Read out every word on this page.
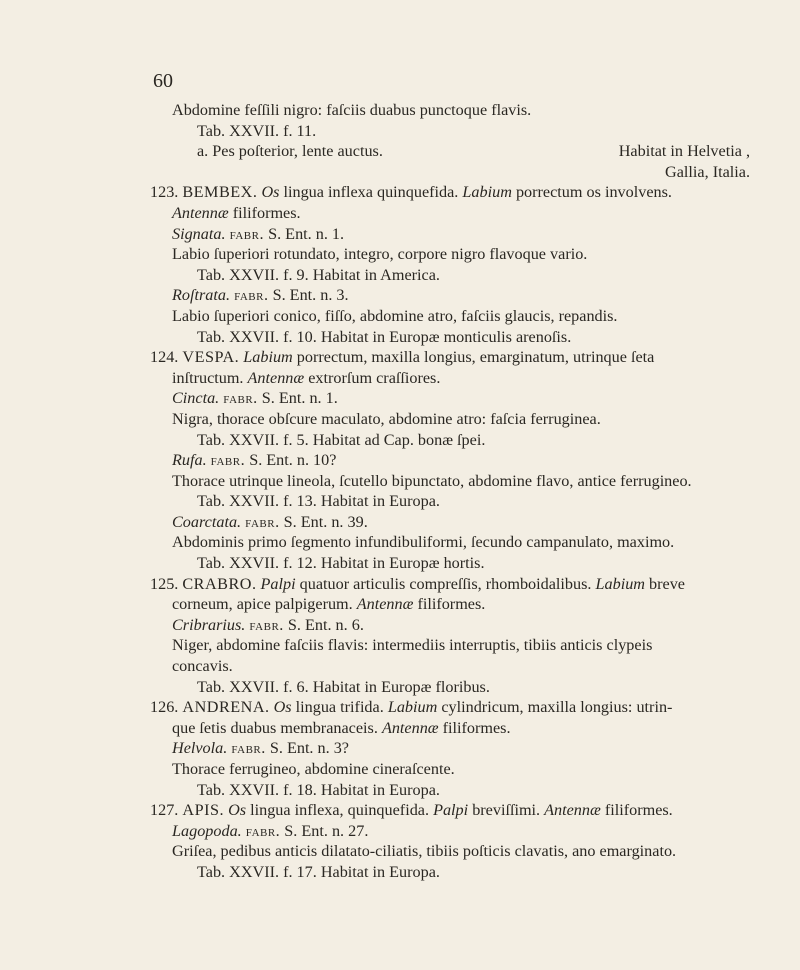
60
Abdomine feſſili nigro: faſciis duabus punctoque flavis.
Tab. XXVII. f. 11.
a. Pes poſterior, lente auctus.	Habitat in Helvetia ,
Gallia, Italia.
123. BEMBEX. Os lingua inflexa quinquefida. Labium porrectum os involvens.
Antennæ filiformes.
Signata. fabr. S. Ent. n. 1.
Labio ſuperiori rotundato, integro, corpore nigro flavoque vario.
Tab. XXVII. f. 9. Habitat in America.
Roſtrata. fabr. S. Ent. n. 3.
Labio ſuperiori conico, fiſſo, abdomine atro, faſciis glaucis, repandis.
Tab. XXVII. f. 10. Habitat in Europæ monticulis arenoſis.
124. VESPA. Labium porrectum, maxilla longius, emarginatum, utrinque ſeta
inſtructum. Antennæ extrorſum craſſiores.
Cincta. fabr. S. Ent. n. 1.
Nigra, thorace obſcure maculato, abdomine atro: faſcia ferruginea.
Tab. XXVII. f. 5. Habitat ad Cap. bonæ ſpei.
Rufa. fabr. S. Ent. n. 10?
Thorace utrinque lineola, ſcutello bipunctato, abdomine flavo, antice ferrugineo.
Tab. XXVII. f. 13. Habitat in Europa.
Coarctata. fabr. S. Ent. n. 39.
Abdominis primo ſegmento infundibuliformi, ſecundo campanulato, maximo.
Tab. XXVII. f. 12. Habitat in Europæ hortis.
125. CRABRO. Palpi quatuor articulis compreſſis, rhomboidalibus. Labium breve
corneum, apice palpigerum. Antennæ filiformes.
Cribrarius. fabr. S. Ent. n. 6.
Niger, abdomine faſciis flavis: intermediis interruptis, tibiis anticis clypeis
concavis.
Tab. XXVII. f. 6. Habitat in Europæ floribus.
126. ANDRENA. Os lingua trifida. Labium cylindricum, maxilla longius: utrin-
que ſetis duabus membranaceis. Antennæ filiformes.
Helvola. fabr. S. Ent. n. 3?
Thorace ferrugineo, abdomine cineraſcente.
Tab. XXVII. f. 18. Habitat in Europa.
127. APIS. Os lingua inflexa, quinquefida. Palpi breviſſimi. Antennæ filiformes.
Lagopoda. fabr. S. Ent. n. 27.
Griſea, pedibus anticis dilatato-ciliatis, tibiis poſticis clavatis, ano emarginato.
Tab. XXVII. f. 17. Habitat in Europa.
